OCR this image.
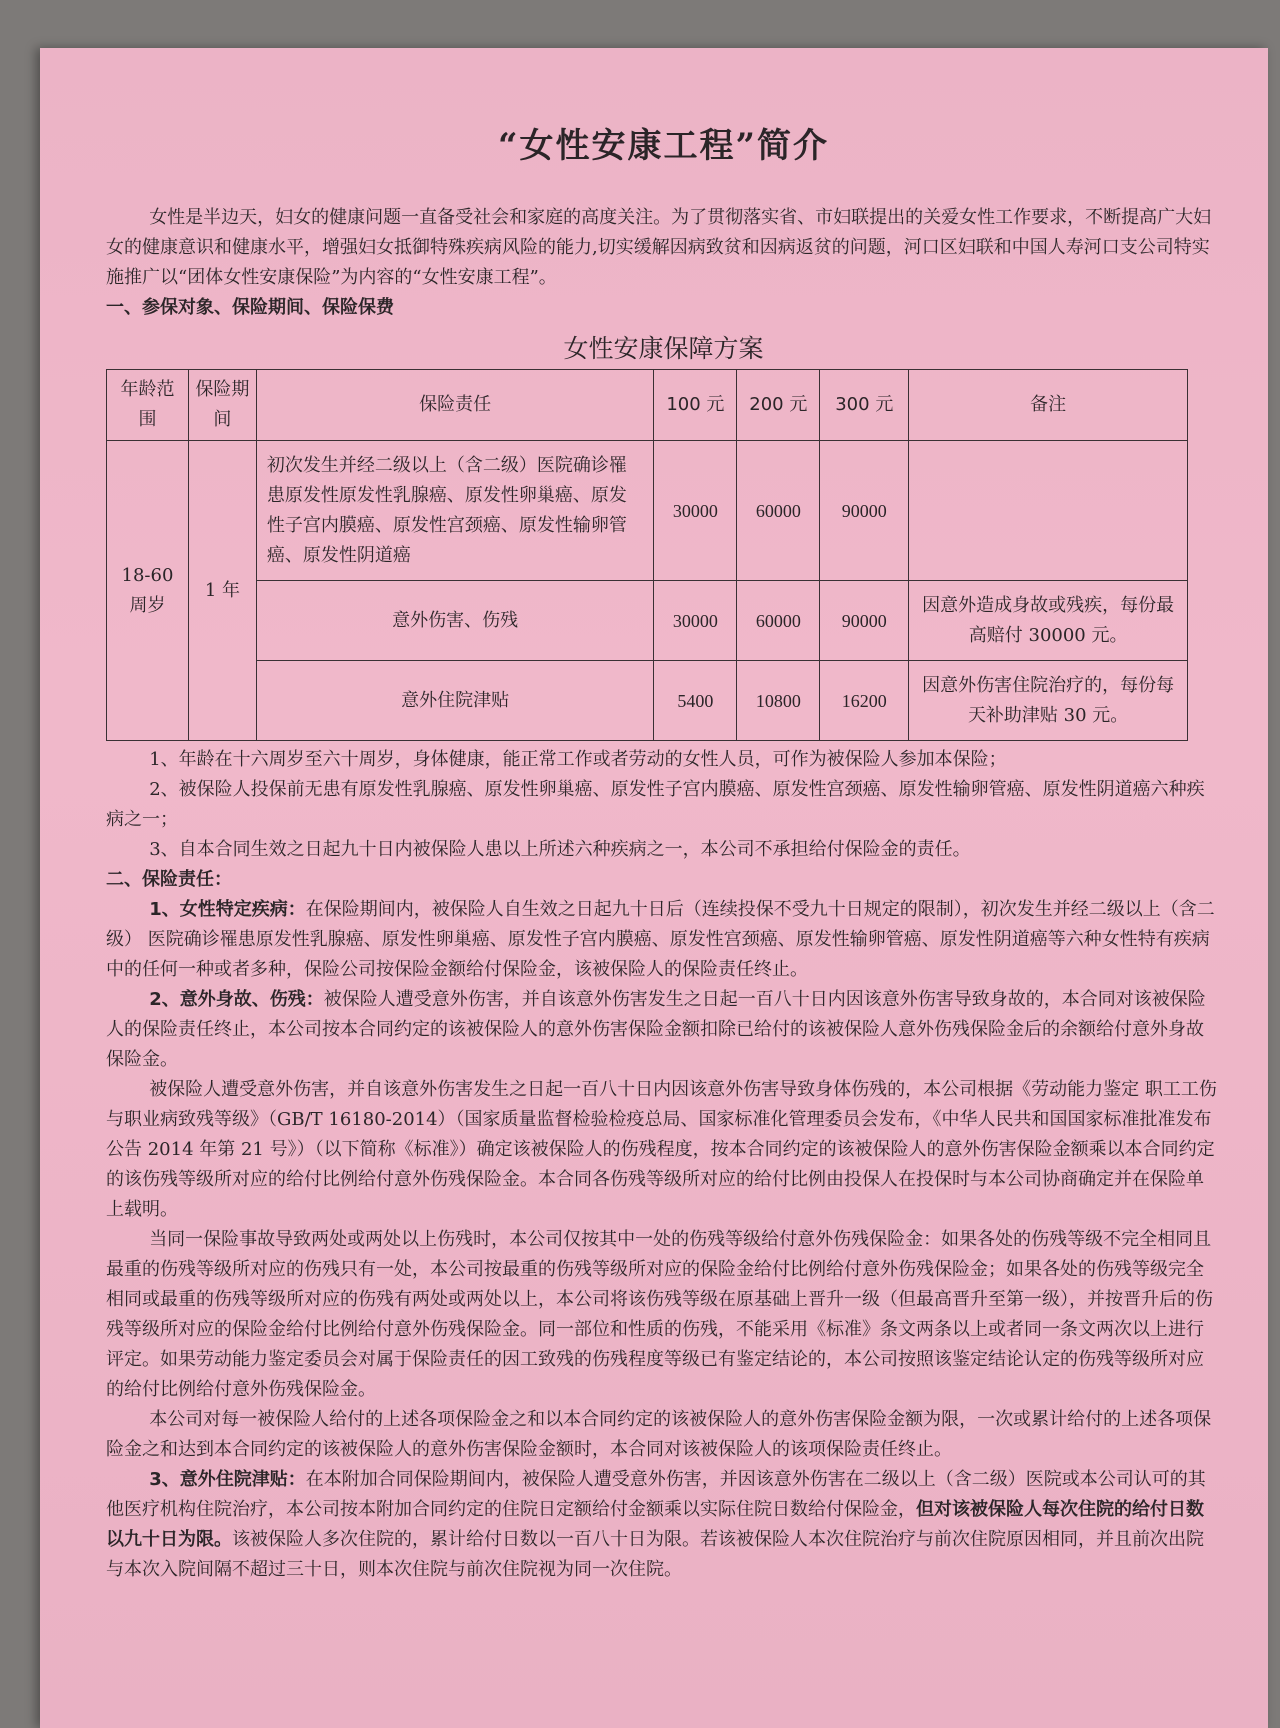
“女性安康工程”简介

女性是半边天，妇女的健康问题一直备受社会和家庭的高度关注。为了贯彻落实省、市妇联提出的关爱女性工作要求，不断提高广大妇女的健康意识和健康水平，增强妇女抵御特殊疾病风险的能力,切实缓解因病致贫和因病返贫的问题，河口区妇联和中国人寿河口支公司特实施推广以“团体女性安康保险”为内容的“女性安康工程”。

一、参保对象、保险期间、保险保费

女性安康保障方案
年龄范围	保险期间	保险责任	100 元	200 元	300 元	备注
18-60周岁	1 年	初次发生并经二级以上（含二级）医院确诊罹患原发性原发性乳腺癌、原发性卵巢癌、原发性子宫内膜癌、原发性宫颈癌、原发性输卵管癌、原发性阴道癌	30000	60000	90000	
		意外伤害、伤残	30000	60000	90000	因意外造成身故或残疾，每份最高赔付 30000 元。
		意外住院津贴	5400	10800	16200	因意外伤害住院治疗的，每份每天补助津贴 30 元。

1、年龄在十六周岁至六十周岁，身体健康，能正常工作或者劳动的女性人员，可作为被保险人参加本保险；

2、被保险人投保前无患有原发性乳腺癌、原发性卵巢癌、原发性子宫内膜癌、原发性宫颈癌、原发性输卵管癌、原发性阴道癌六种疾病之一；

3、自本合同生效之日起九十日内被保险人患以上所述六种疾病之一，本公司不承担给付保险金的责任。

二、保险责任：

1、女性特定疾病：在保险期间内，被保险人自生效之日起九十日后（连续投保不受九十日规定的限制），初次发生并经二级以上（含二级） 医院确诊罹患原发性乳腺癌、原发性卵巢癌、原发性子宫内膜癌、原发性宫颈癌、原发性输卵管癌、原发性阴道癌等六种女性特有疾病中的任何一种或者多种，保险公司按保险金额给付保险金，该被保险人的保险责任终止。

2、意外身故、伤残：被保险人遭受意外伤害，并自该意外伤害发生之日起一百八十日内因该意外伤害导致身故的，本合同对该被保险人的保险责任终止，本公司按本合同约定的该被保险人的意外伤害保险金额扣除已给付的该被保险人意外伤残保险金后的余额给付意外身故保险金。

被保险人遭受意外伤害，并自该意外伤害发生之日起一百八十日内因该意外伤害导致身体伤残的，本公司根据《劳动能力鉴定 职工工伤与职业病致残等级》（GB/T 16180-2014）（国家质量监督检验检疫总局、国家标准化管理委员会发布，《中华人民共和国国家标准批准发布公告 2014 年第 21 号》）（以下简称《标准》）确定该被保险人的伤残程度，按本合同约定的该被保险人的意外伤害保险金额乘以本合同约定的该伤残等级所对应的给付比例给付意外伤残保险金。本合同各伤残等级所对应的给付比例由投保人在投保时与本公司协商确定并在保险单上载明。

当同一保险事故导致两处或两处以上伤残时，本公司仅按其中一处的伤残等级给付意外伤残保险金：如果各处的伤残等级不完全相同且最重的伤残等级所对应的伤残只有一处，本公司按最重的伤残等级所对应的保险金给付比例给付意外伤残保险金；如果各处的伤残等级完全相同或最重的伤残等级所对应的伤残有两处或两处以上，本公司将该伤残等级在原基础上晋升一级（但最高晋升至第一级），并按晋升后的伤残等级所对应的保险金给付比例给付意外伤残保险金。同一部位和性质的伤残，不能采用《标准》条文两条以上或者同一条文两次以上进行评定。如果劳动能力鉴定委员会对属于保险责任的因工致残的伤残程度等级已有鉴定结论的，本公司按照该鉴定结论认定的伤残等级所对应的给付比例给付意外伤残保险金。

本公司对每一被保险人给付的上述各项保险金之和以本合同约定的该被保险人的意外伤害保险金额为限，一次或累计给付的上述各项保险金之和达到本合同约定的该被保险人的意外伤害保险金额时，本合同对该被保险人的该项保险责任终止。

3、意外住院津贴：在本附加合同保险期间内，被保险人遭受意外伤害，并因该意外伤害在二级以上（含二级）医院或本公司认可的其他医疗机构住院治疗，本公司按本附加合同约定的住院日定额给付金额乘以实际住院日数给付保险金，但对该被保险人每次住院的给付日数以九十日为限。该被保险人多次住院的，累计给付日数以一百八十日为限。若该被保险人本次住院治疗与前次住院原因相同，并且前次出院与本次入院间隔不超过三十日，则本次住院与前次住院视为同一次住院。
